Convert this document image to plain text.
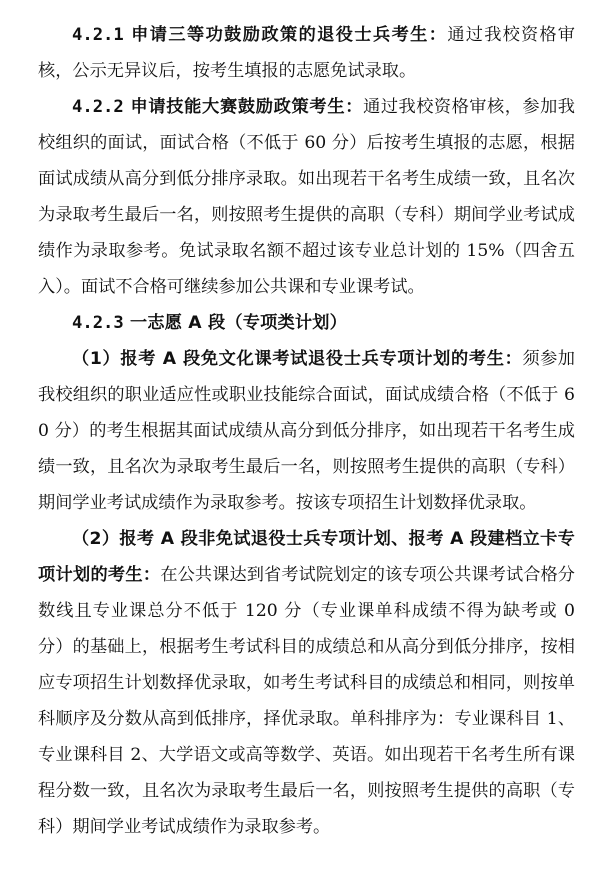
4.2.1 申请三等功鼓励政策的退役士兵考生：通过我校资格审核，公示无异议后，按考生填报的志愿免试录取。

4.2.2 申请技能大赛鼓励政策考生：通过我校资格审核，参加我校组织的面试，面试合格（不低于 60 分）后按考生填报的志愿，根据面试成绩从高分到低分排序录取。如出现若干名考生成绩一致，且名次为录取考生最后一名，则按照考生提供的高职（专科）期间学业考试成绩作为录取参考。免试录取名额不超过该专业总计划的 15%（四舍五入）。面试不合格可继续参加公共课和专业课考试。

4.2.3 一志愿 A 段（专项类计划）

（1）报考 A 段免文化课考试退役士兵专项计划的考生：须参加我校组织的职业适应性或职业技能综合面试，面试成绩合格（不低于 60 分）的考生根据其面试成绩从高分到低分排序，如出现若干名考生成绩一致，且名次为录取考生最后一名，则按照考生提供的高职（专科）期间学业考试成绩作为录取参考。按该专项招生计划数择优录取。

（2）报考 A 段非免试退役士兵专项计划、报考 A 段建档立卡专项计划的考生：在公共课达到省考试院划定的该专项公共课考试合格分数线且专业课总分不低于 120 分（专业课单科成绩不得为缺考或 0 分）的基础上，根据考生考试科目的成绩总和从高分到低分排序，按相应专项招生计划数择优录取，如考生考试科目的成绩总和相同，则按单科顺序及分数从高到低排序，择优录取。单科排序为：专业课科目 1、专业课科目 2、大学语文或高等数学、英语。如出现若干名考生所有课程分数一致，且名次为录取考生最后一名，则按照考生提供的高职（专科）期间学业考试成绩作为录取参考。
